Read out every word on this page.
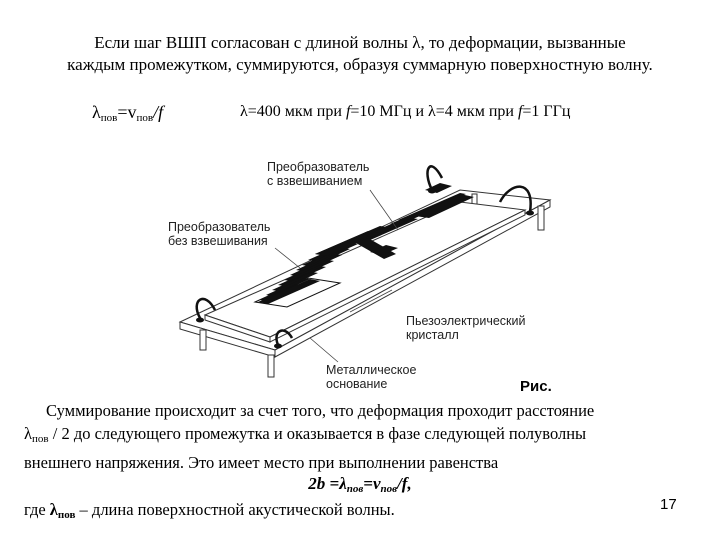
Если шаг ВШП согласован с длиной волны λ, то деформации, вызванные
каждым промежутком, суммируются, образуя суммарную поверхностную волну.
$\lambda_{пов}=v_{пов}/f$	λ=400 мкм при f=10 МГц и λ=4 мкм при f=1 ГГц
Преобразователь
с взвешиванием
Преобразователь
без взвешивания
Пьезоэлектрический
кристалл
Металлическое
основание	Рис.
Суммирование происходит за счет того, что деформация проходит расстояние
$\lambda_{пов} / 2$ до следующего промежутка и оказывается в фазе следующей полуволны
внешнего напряжения. Это имеет место при выполнении равенства
$2b =\lambda_{пов}=v_{пов}/f$,
где $\lambda_{пов}$ – длина поверхностной акустической волны.	17
